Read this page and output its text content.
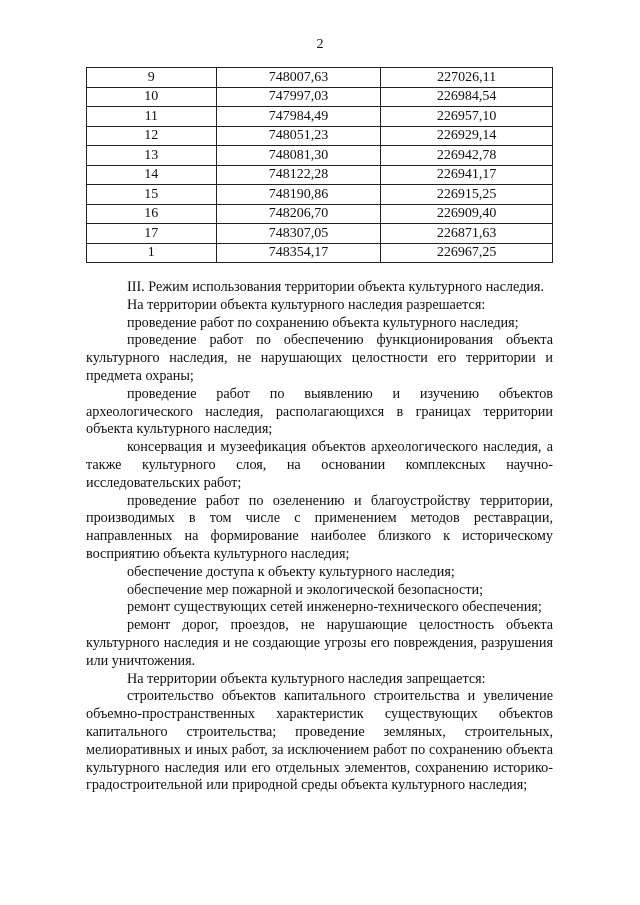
2
9	748007,63	227026,11
10	747997,03	226984,54
11	747984,49	226957,10
12	748051,23	226929,14
13	748081,30	226942,78
14	748122,28	226941,17
15	748190,86	226915,25
16	748206,70	226909,40
17	748307,05	226871,63
1	748354,17	226967,25

III. Режим использования территории объекта культурного наследия.

На территории объекта культурного наследия разрешается:

проведение работ по сохранению объекта культурного наследия;

проведение работ по обеспечению функционирования объекта культурного наследия, не нарушающих целостности его территории и предмета охраны;

проведение работ по выявлению и изучению объектов археологического наследия, располагающихся в границах территории объекта культурного наследия;

консервация и музеефикация объектов археологического наследия, а также культурного слоя, на основании комплексных научно-исследовательских работ;

проведение работ по озеленению и благоустройству территории, производимых в том числе с применением методов реставрации, направленных на формирование наиболее близкого к историческому восприятию объекта культурного наследия;

обеспечение доступа к объекту культурного наследия;

обеспечение мер пожарной и экологической безопасности;

ремонт существующих сетей инженерно-технического обеспечения;

ремонт дорог, проездов, не нарушающие целостность объекта культурного наследия и не создающие угрозы его повреждения, разрушения или уничтожения.

На территории объекта культурного наследия запрещается:

строительство объектов капитального строительства и увеличение объемно-пространственных характеристик существующих объектов капитального строительства; проведение земляных, строительных, мелиоративных и иных работ, за исключением работ по сохранению объекта культурного наследия или его отдельных элементов, сохранению историко-градостроительной или природной среды объекта культурного наследия;
